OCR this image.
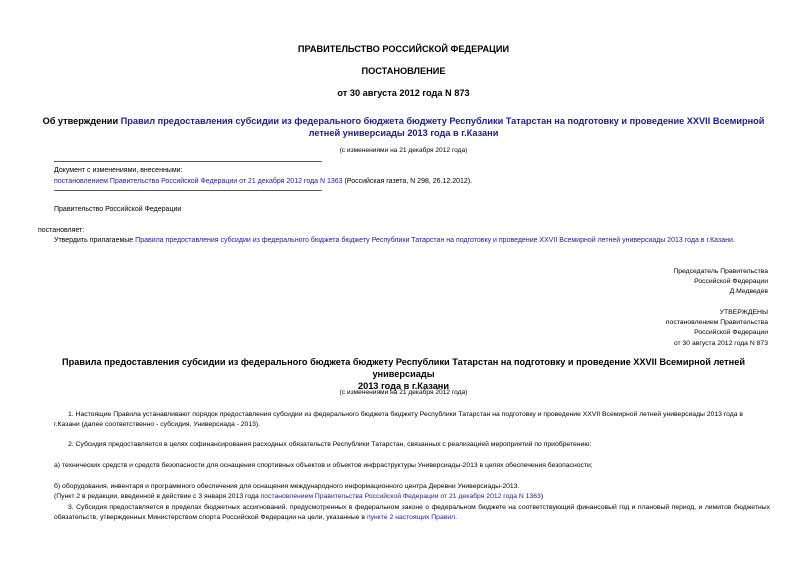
ПРАВИТЕЛЬСТВО РОССИЙСКОЙ ФЕДЕРАЦИИ
ПОСТАНОВЛЕНИЕ
от 30 августа 2012 года N 873
Об утверждении Правил предоставления субсидии из федерального бюджета бюджету Республики Татарстан на подготовку и проведение XXVII Всемирной
летней универсиады 2013 года в г.Казани
(с изменениями на 21 декабря 2012 года)
Документ с изменениями, внесенными:
постановлением Правительства Российской Федерации от 21 декабря 2012 года N 1363 (Российская газета, N 298, 26.12.2012).
Правительство Российской Федерации
постановляет:
Утвердить прилагаемые Правила предоставления субсидии из федерального бюджета бюджету Республики Татарстан на подготовку и проведение XXVII Всемирной летней универсиады 2013 года в г.Казани.
Председатель Правительства
Российской Федерации
Д.Медведев
УТВЕРЖДЕНЫ
постановлением Правительства
Российской Федерации
от 30 августа 2012 года N 873
Правила предоставления субсидии из федерального бюджета бюджету Республики Татарстан на подготовку и проведение XXVII Всемирной летней универсиады
2013 года в г.Казани
(с изменениями на 21 декабря 2012 года)
1. Настоящие Правила устанавливают порядок предоставления субсидии из федерального бюджета бюджету Республики Татарстан на подготовку и проведение XXVII Всемирной летней универсиады 2013 года в г.Казани (далее соответственно - субсидия, Универсиада - 2013).
2. Субсидия предоставляется в целях софинансирования расходных обязательств Республики Татарстан, связанных с реализацией мероприятий по приобретению:
а) технических средств и средств безопасности для оснащения спортивных объектов и объектов инфраструктуры Универсиады-2013 в целях обеспечения безопасности;
б) оборудования, инвентаря и программного обеспечения для оснащения международного информационного центра Деревни Универсиады-2013.
(Пункт 2 в редакции, введенной в действие с 3 января 2013 года постановлением Правительства Российской Федерации от 21 декабря 2012 года N 1363)
3. Субсидия предоставляется в пределах бюджетных ассигнований, предусмотренных в федеральном законе о федеральном бюджете на соответствующий финансовый год и плановый период, и лимитов бюджетных обязательств, утвержденных Министерством спорта Российской Федерации на цели, указанные в пункте 2 настоящих Правил.
